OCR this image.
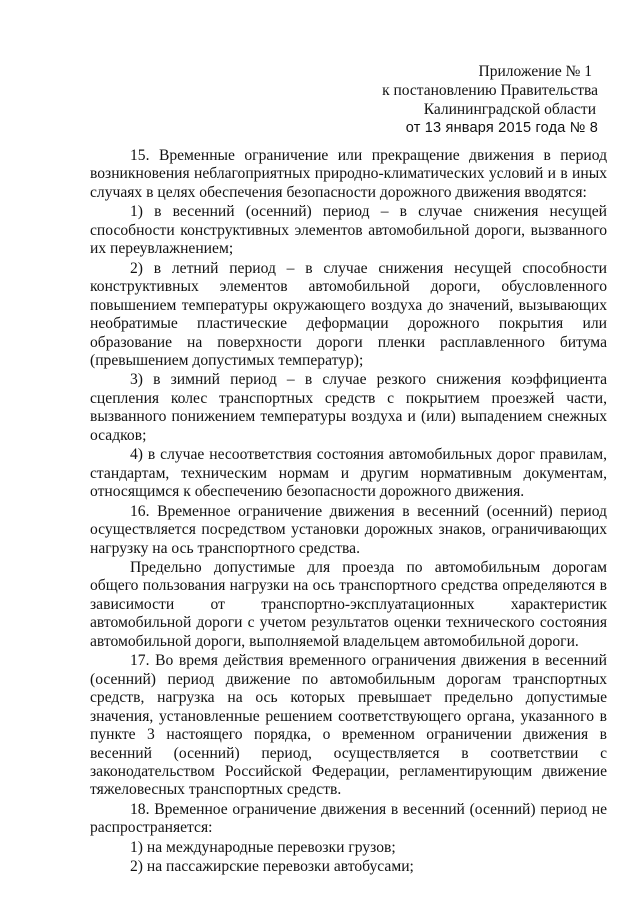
Приложение № 1
к постановлению Правительства
Калининградской области
от 13 января 2015 года № 8

15. Временные ограничение или прекращение движения в период возникновения неблагоприятных природно-климатических условий и в иных случаях в целях обеспечения безопасности дорожного движения вводятся:

1) в весенний (осенний) период – в случае снижения несущей способности конструктивных элементов автомобильной дороги, вызванного их переувлажнением;

2) в летний период – в случае снижения несущей способности конструктивных элементов автомобильной дороги, обусловленного повышением температуры окружающего воздуха до значений, вызывающих необратимые пластические деформации дорожного покрытия или образование на поверхности дороги пленки расплавленного битума (превышением допустимых температур);

3) в зимний период – в случае резкого снижения коэффициента сцепления колес транспортных средств с покрытием проезжей части, вызванного понижением температуры воздуха и (или) выпадением снежных осадков;

4) в случае несоответствия состояния автомобильных дорог правилам, стандартам, техническим нормам и другим нормативным документам, относящимся к обеспечению безопасности дорожного движения.

16. Временное ограничение движения в весенний (осенний) период осуществляется посредством установки дорожных знаков, ограничивающих нагрузку на ось транспортного средства.

Предельно допустимые для проезда по автомобильным дорогам общего пользования нагрузки на ось транспортного средства определяются в зависимости от транспортно-эксплуатационных характеристик автомобильной дороги с учетом результатов оценки технического состояния автомобильной дороги, выполняемой владельцем автомобильной дороги.

17. Во время действия временного ограничения движения в весенний (осенний) период движение по автомобильным дорогам транспортных средств, нагрузка на ось которых превышает предельно допустимые значения, установленные решением соответствующего органа, указанного в пункте 3 настоящего порядка, о временном ограничении движения в весенний (осенний) период, осуществляется в соответствии с законодательством Российской Федерации, регламентирующим движение тяжеловесных транспортных средств.

18. Временное ограничение движения в весенний (осенний) период не распространяется:

1) на международные перевозки грузов;

2) на пассажирские перевозки автобусами;
